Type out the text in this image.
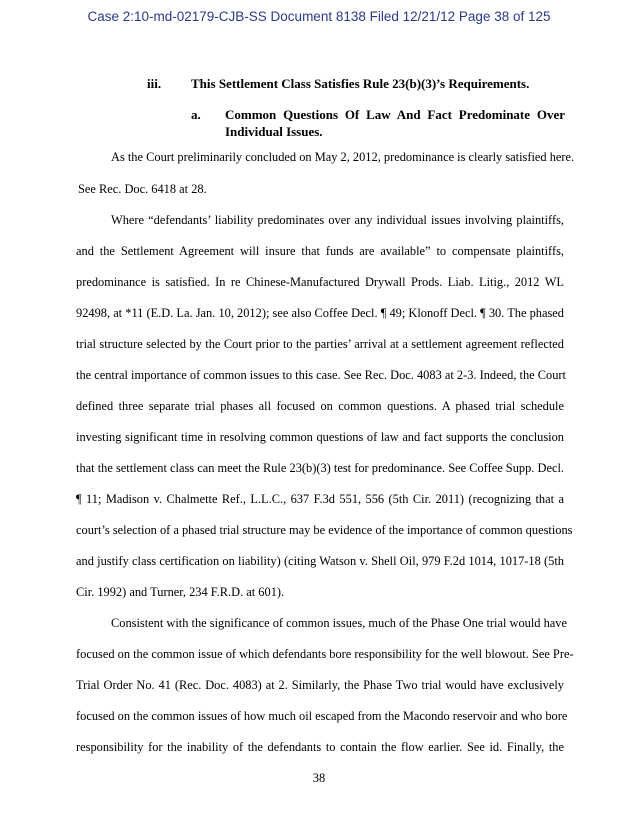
Case 2:10-md-02179-CJB-SS Document 8138 Filed 12/21/12 Page 38 of 125
iii. This Settlement Class Satisfies Rule 23(b)(3)’s Requirements.
a. Common Questions Of Law And Fact Predominate Over
Individual Issues.
As the Court preliminarily concluded on May 2, 2012, predominance is clearly satisfied here.
See Rec. Doc. 6418 at 28.
Where “defendants’ liability predominates over any individual issues involving plaintiffs,
and the Settlement Agreement will insure that funds are available” to compensate plaintiffs,
predominance is satisfied. In re Chinese-Manufactured Drywall Prods. Liab. Litig., 2012 WL
92498, at *11 (E.D. La. Jan. 10, 2012); see also Coffee Decl. ¶ 49; Klonoff Decl. ¶ 30. The phased
trial structure selected by the Court prior to the parties’ arrival at a settlement agreement reflected
the central importance of common issues to this case. See Rec. Doc. 4083 at 2-3. Indeed, the Court
defined three separate trial phases all focused on common questions. A phased trial schedule
investing significant time in resolving common questions of law and fact supports the conclusion
that the settlement class can meet the Rule 23(b)(3) test for predominance. See Coffee Supp. Decl.
¶ 11; Madison v. Chalmette Ref., L.L.C., 637 F.3d 551, 556 (5th Cir. 2011) (recognizing that a
court’s selection of a phased trial structure may be evidence of the importance of common questions
and justify class certification on liability) (citing Watson v. Shell Oil, 979 F.2d 1014, 1017-18 (5th
Cir. 1992) and Turner, 234 F.R.D. at 601).
Consistent with the significance of common issues, much of the Phase One trial would have
focused on the common issue of which defendants bore responsibility for the well blowout. See Pre-
Trial Order No. 41 (Rec. Doc. 4083) at 2. Similarly, the Phase Two trial would have exclusively
focused on the common issues of how much oil escaped from the Macondo reservoir and who bore
responsibility for the inability of the defendants to contain the flow earlier. See id. Finally, the
38
